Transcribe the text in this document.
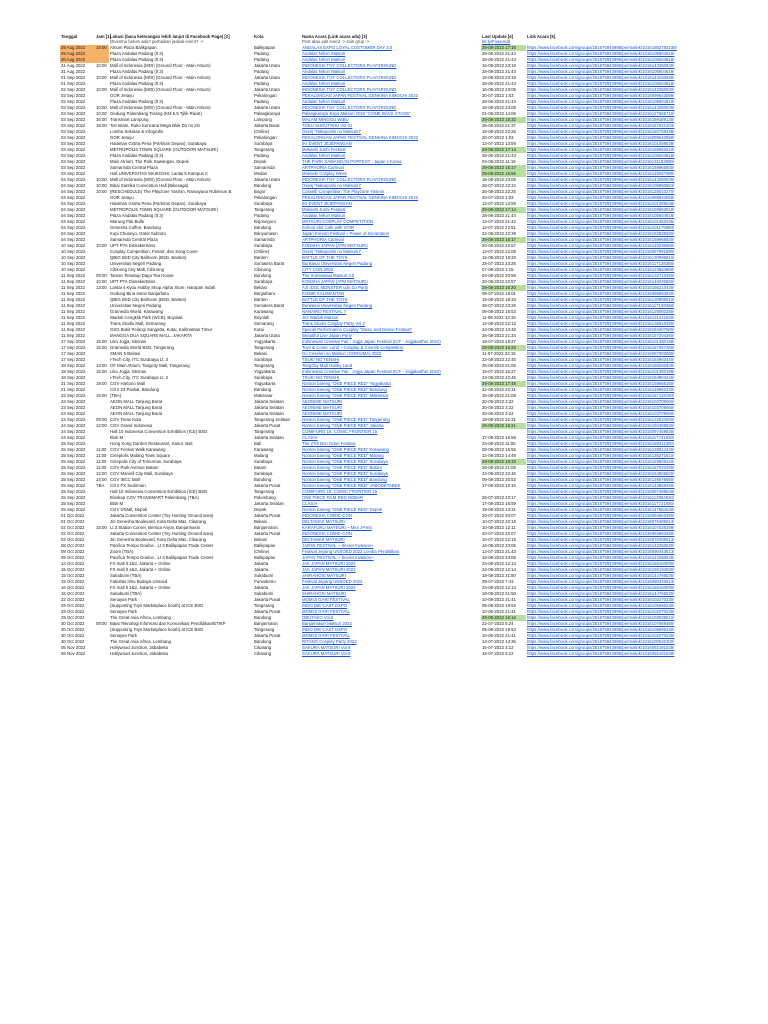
Tanggal	Jam [1]	Lokasi (baca keterangan lebih lanjut di Facebook Page) [2]	Kota	Nama Acara (Link acara ada) [3]	Last Update [4]	Link Acara [5]
		(Eventnu belum ada? perbaikan jadwal event? ->		Post atau edit event -> Join grup ->	bit.ly/FixeeAdd	
29 Aug 2022	18:00	Atrium Plaza Balikpapan	Balikpapan	ANDALAS EXPO LOYAL CUSTOMER DAY 3.0	29-08-2022 17:18	https://www.facebook.com/groups/251875943895/permalink/10161582783238/
29 Aug 2022		Plaza Andalas Padang (lt 3)	Padang	Andalas Nihon Matsuri	28-06-2022 21:44	https://www.facebook.com/groups/251875943895/permalink/1016105604818/
30 Aug 2022		Plaza Andalas Padang (lt 3)	Padang	Andalas Nihon Matsuri	28-06-2022 21:44	https://www.facebook.com/groups/251875943895/permalink/1016105604818/
31 Aug 2022	10:00	Mall of Indonesia (MOI) (Ground Floor - Main Atrium)	Jakarta Utara	INDONESIA TOY COLLECTORS PLAYGROUND	16-08-2022 23:19	https://www.facebook.com/groups/251875943895/permalink/1016143250630/
31 Aug 2022		Plaza Andalas Padang (lt 3)	Padang	Andalas Nihon Matsuri	28-06-2022 21:44	https://www.facebook.com/groups/251875943895/permalink/1016105604818/
01 Sep 2022	10:00	Mall of Indonesia (MOI) (Ground Floor - Main Atrium)	Jakarta Utara	INDONESIA TOY COLLECTORS PLAYGROUND	16-08-2022 23:19	https://www.facebook.com/groups/251875943895/permalink/1016143250630/
01 Sep 2022		Plaza Andalas Padang (lt 3)	Padang	Andalas Nihon Matsuri	28-06-2022 21:44	https://www.facebook.com/groups/251875943895/permalink/1016105604818/
02 Sep 2022	10:00	Mall of Indonesia (MOI) (Ground Floor - Main Atrium)	Jakarta Utara	INDONESIA TOY COLLECTORS PLAYGROUND	16-08-2022 23:05	https://www.facebook.com/groups/251875943895/permalink/1016143250630/
02 Sep 2022		GOR Jetayu	Pekalongan	PEKALONGAN JAPAN FESTIVAL GENKINA KIMOCHI 2022	20-07-2022 1:03	https://www.facebook.com/groups/251875943895/permalink/1016099643058/
02 Sep 2022		Plaza Andalas Padang (lt 3)	Padang	Andalas Nihon Matsuri	28-06-2022 21:44	https://www.facebook.com/groups/251875943895/permalink/1016105604818/
03 Sep 2022	10:00	Mall of Indonesia (MOI) (Ground Floor - Main Atrium)	Jakarta Utara	INDONESIA TOY COLLECTORS PLAYGROUND	16-08-2022 23:05	https://www.facebook.com/groups/251875943895/permalink/1016143250630/
03 Sep 2022	10:00	Gedung Palembang Terang (KM 5.5 Tjilik Riwut)	Palangkaraya	Palangkaraya Expo Matsuri 2022 "COME BACK STAGE"	01-08-2022 14:06	https://www.facebook.com/groups/251875943895/permalink/1016127665710/
03 Sep 2022	16:00	Transmart Lampung	Lampung	MALAM MINGGU WIBU	29-08-2022 16:32	https://www.facebook.com/groups/251875943895/permalink/1016159189130/
03 Sep 2022	19:00	Tori Bram, Ruko Kencana Mega Blok D1 no 2G	Jakarta Barat	TOKU SHOUTSHU Vol 01	26-08-2022 21:37	https://www.facebook.com/groups/251875943895/permalink/1016157021203/
03 Sep 2022		Lomba Sekutan & Infografis	(Online)	Oxenj "Nakayoshi no Matsuriri"	18-08-2022 22:26	https://www.facebook.com/groups/251875943895/permalink/1016150769438/
03 Sep 2022		GOR Jetayu	Pekalongan	PEKALONGAN JAPAN FESTIVAL GENKINA KIMOCHI 2022	20-07-2022 1:03	https://www.facebook.com/groups/251875943895/permalink/1016099643058/
03 Sep 2022		Halaman Graha Pena (Parkiran Depan), Surabaya	Surabaya	IKI EVENT JEJEPANGAN	13-07-2022 13:59	https://www.facebook.com/groups/251875943895/permalink/1016101089548/
03 Sep 2022		METROPOLIS TOWN SQUARE (OUTDOOR MATSURI)	Tangerang	Mokashi Junhi Festival	29-08-2022 17:14	https://www.facebook.com/groups/251875943895/permalink/1016159653018/
03 Sep 2022		Plaza Andalas Padang (lt 3)	Padang	Andalas Nihon Matsuri	28-06-2022 21:44	https://www.facebook.com/groups/251875943895/permalink/1016105604818/
03 Sep 2022		Main Atrium, The Park Sawangan, Depok	Depok	THE PARK SAWANGAN POPFEST : Japan x Korea	04-08-2022 11:19	https://www.facebook.com/groups/251875943895/permalink/1016131183680/
03 Sep 2022		Samarinda Central Plaza	Samarinda	ARTPHORIA Carnival	29-08-2022 16:17	https://www.facebook.com/groups/251875943895/permalink/1016158966930/
03 Sep 2022		Hall UNIVERSITAS MAIKOSHI, Lantai 5 Kampus C	Medan	Moeseki Cosplay Week	29-08-2022 16:56	https://www.facebook.com/groups/251875943895/permalink/1016149267980/
04 Sep 2022	10:00	Mall of Indonesia (MOI) (Ground Floor - Main Atrium)	Jakarta Utara	INDONESIA TOY COLLECTORS PLAYGROUND	16-08-2022 23:05	https://www.facebook.com/groups/251875943895/permalink/1016143250630/
04 Sep 2022	10:00	Balai Santika Convention Hall (Bikesaga)	Bandung	Oxenj "Nakayoshi no Matsuriri"	28-07-2022 22:34	https://www.facebook.com/groups/251875943895/permalink/1016108950853/
04 Sep 2022	10:00	(RESCHEDULE) The Playzone Yasmin, Ramayana Robinson B	Bogor	Cosxelb Competition The Playzone Yasmin	26-08-2022 22:25	https://www.facebook.com/groups/251875943895/permalink/1016128010270/
04 Sep 2022		GOR Jetayu	Pekalongan	PEKALONGAN JAPAN FESTIVAL GENKINA KIMOCHI 2022	20-07-2022 1:03	https://www.facebook.com/groups/251875943895/permalink/1016099643058/
04 Sep 2022		Halaman Graha Pena (Parkiran Depan), Surabaya	Surabaya	IKI EVENT JEJEPANGAN	13-07-2022 13:59	https://www.facebook.com/groups/251875943895/permalink/1016101089548/
04 Sep 2022		METROPOLIS TOWN SQUARE (OUTDOOR MATSURI)	Tangerang	Mokashi Junhi Festival	29-08-2022 17:14	https://www.facebook.com/groups/251875943895/permalink/1016159653018/
04 Sep 2022		Plaza Andalas Padang (lt 3)	Padang	Andalas Nihon Matsuri	28-06-2022 21:44	https://www.facebook.com/groups/251875943895/permalink/1016105604818/
04 Sep 2022		Warung Pak Bulle	Bojonegoro	MATSURI COSPLAY COMPETITION	13-07-2022 21:42	https://www.facebook.com/groups/251875943895/permalink/1016101052036/
04 Sep 2022		Genesha Coffee, Bandung	Bandung	School Idol Cafe with VOIR	12-07-2022 22:51	https://www.facebook.com/groups/251875943895/permalink/1016101176880/
04 Sep 2022		Kopi Chuseyo, Gatot Subroto	Banyumasin	Japan Korean Festival ~ Power of Generation	22-08-2022 22:39	https://www.facebook.com/groups/251875943895/permalink/1016152838290/
04 Sep 2022		Samarinda Central Plaza	Samarinda	ARTPHORIA Carnival	29-08-2022 16:17	https://www.facebook.com/groups/251875943895/permalink/1016158966930/
10 Sep 2022	10:00	UPT PTA Disnakertrans	Surabaya	KONSHA JAPAN (ATM MATSURI)	20-08-2022 22:57	https://www.facebook.com/groups/251875943895/permalink/1016149236650/
10 Sep 2022		Cosplay Competition, Fenart, dan Song Cover	(Online)	Oxenj "Nakayoshi no Matsuriri"	13-07-2022 22:05	https://www.facebook.com/groups/251875943895/permalink/1016097991890/
10 Sep 2022		QBIG BSD City Ballroom (BSD, Banten)	Banten	BATTLE OF THE TOYS	15-08-2022 19:33	https://www.facebook.com/groups/251875943895/permalink/1016130995810/
10 Sep 2022		Universitas Negeri Padang	Sumatera Barat	Bunkasai Universitas Negeri Padang	28-07-2022 23:26	https://www.facebook.com/groups/251875943895/permalink/1016117138368/
10 Sep 2022		Cibinong City Mall, Cibinong	Cibinong	CITY CON 2022	07-08-2022 1:15	https://www.facebook.com/groups/251875943895/permalink/1016123564860/
11 Sep 2022	09:00	Taman Tematup Dago Tea House	Bandung	The Xuiranasiai Matsuri 3.0	04-08-2022 20:59	https://www.facebook.com/groups/251875943895/permalink/1016133712450/
11 Sep 2022	10:00	UPT PTA Disnakertrans	Surabaya	KONSHA JAPAN (ATM MATSURI)	20-08-2022 22:57	https://www.facebook.com/groups/251875943895/permalink/1016149236650/
11 Sep 2022	13:00	Lantai 4 Kyou Hobby Shop Alpha Store, Harapan Indah	Bekasi	AJI IDOL MONSTER udo DJ Party	29-08-2022 16:20	https://www.facebook.com/groups/251875943895/permalink/1016156210430/
11 Sep 2022		Gedung Bina Sains Banjarbaru	Banjarbaru	KOMIK KALIMANTAN	08-07-2022 18:01	https://www.facebook.com/groups/251875943895/permalink/1016096893940/
11 Sep 2022		QBIG BSD City Ballroom (BSD, Banten)	Banten	BATTLE OF THE TOYS	15-08-2022 19:33	https://www.facebook.com/groups/251875943895/permalink/1016130995810/
11 Sep 2022		Universitas Negeri Padang	Sumatera Barat	Bunkasai Universitas Negeri Padang	28-07-2022 23:26	https://www.facebook.com/groups/251875943895/permalink/1016117138368/
11 Sep 2022		Gramedia World, Karawang	Karawang	NANAIRO FESTIVAL 7	08-08-2022 15:53	https://www.facebook.com/groups/251875943895/permalink/1016128060280/
11 Sep 2022		Waduk Cengklik Park (WCB), Boyolali	Boyolali	Jez Waduk Matsuri	11-08-2022 13:18	https://www.facebook.com/groups/251875943895/permalink/1016131441830/
11 Sep 2022		Trans Studio Mall, Semarang	Semarang	Trans Studio Cosplay Party Vol 2	14-08-2022 22:13	https://www.facebook.com/groups/251875943895/permalink/1016136916390/
11 Sep 2022		GSG Bukit Pelangi Sangatta, Kutai, Kalimantan Timur	Kutai	Special Performance Cosplay "Music and Dance Festival"	24-08-2022 13:48	https://www.facebook.com/groups/251875943895/permalink/1016154407580/
11 Sep 2022		MANGGA DUA SQUARE MALL, JAKARTA	Jakarta Utara	Beautiful Live Japan Party	26-08-2022 21:34	https://www.facebook.com/groups/251875943895/permalink/1016157204350/
17 Sep 2022	15:00	Liko Jogja, Sleman	Yogyakarta	Indonesian Creative Fair : Jogja Japan Festival (ICF - Jogjakarther 2022)	19-07-2022 16:27	https://www.facebook.com/groups/251875943895/permalink/1016101380198/
17 Sep 2022	15:00	Gramedia World BSD, Tangerang	Tangerang	Toys & Comic Land ~ Cosplay & Cosmik Competition	29-08-2022 16:25	https://www.facebook.com/groups/251875943895/permalink/1016157657260/
17 Sep 2022		SMAN 5 Bekasi	Bekasi	Go Ceseleri no Matsuri (GORIUMA) 2022	11-07-2022 22:15	https://www.facebook.com/groups/251875943895/permalink/1016097083090/
17 Sep 2022		i-Tech City, ITC Surabaya Lt. 2	Surabaya	TSUKI NO TENSHI	23-08-2022 22:45	https://www.facebook.com/groups/251875943895/permalink/1016154903440/
18 Sep 2022	13:00	GF Main Atrium, Tangcity Mall, Tangerang	Tangerang	TangCity Mall Hobby Land	26-08-2022 21:06	https://www.facebook.com/groups/251875943895/permalink/1016158292930/
18 Sep 2022	15:00	Liko Jogja, Sleman	Yogyakarta	Indonesian Creative Fair : Jogja Japan Festival (ICF - Jogjakarther 2022)	19-07-2022 16:27	https://www.facebook.com/groups/251875943895/permalink/1016101380198/
18 Sep 2022		i-Tech City, ITC Surabaya Lt. 2	Surabaya	TSUKI NO TENSHI	23-08-2022 22:45	https://www.facebook.com/groups/251875943895/permalink/1016154903440/
21 Sep 2022	19:00	CGV Hartono Mall	Yogyakarta	Nonton bareng "ONE PIECE RED" Yogyakarta	29-08-2022 17:48	https://www.facebook.com/groups/251875943895/permalink/1016159666160/
21 Sep 2022		CGV 23 Paskal, Bandung	Bandung	Nonton bareng "ONE PIECE RED" Bandung	22-08-2022 22:31	https://www.facebook.com/groups/251875943895/permalink/1016148652230/
22 Sep 2022	19:00	(TBA)	Makassar	Nonton bareng "ONE PIECE RED" Makassar	26-08-2022 21:08	https://www.facebook.com/groups/251875943895/permalink/1016157118160/
23 Sep 2022		AEON MALL Tanjung Barat	Jakarta Selatan	AEONMIE MATSURI	20-06-2022 3:22	https://www.facebook.com/groups/251875943895/permalink/1016103709060/
23 Sep 2022		AEON MALL Tanjung Barat	Jakarta Selatan	AEONMIE MATSURI	20-06-2022 3:22	https://www.facebook.com/groups/251875943895/permalink/1016103709060/
24 Sep 2022		AEON MALL Tanjung Barat	Jakarta Selatan	AEONMIE MATSURI	20-06-2022 3:24	https://www.facebook.com/groups/251875943895/permalink/1016103709060/
24 Sep 2022	09:00	CGV Teras Kota	Tangerang Selatan	Nonton bareng "ONE PIECE RED" Tangerang	18-08-2022 22:31	https://www.facebook.com/groups/251875943895/permalink/1016132534260/
24 Sep 2022	12:00	CGV Grand Indonesia	Jakarta Pusat	Nonton bareng "ONE PIECE RED" Jakarta	29-08-2022 16:21	https://www.facebook.com/groups/251875943895/permalink/1016150488630/
24 Sep 2022		Hall 10 Indonesia Convention Exhibition (ICE) BSD	Tangerang	COMIFURO 15: COMIC FRONTIER 15		https://www.facebook.com/groups/251875943895/permalink/1016097469540/
24 Sep 2022		Blok M	Jakarta Selatan	CLAS:H	17-08-2022 16:59	https://www.facebook.com/groups/251875943895/permalink/1016117731930/
25 Sep 2022		Hong Kong Garden Restaurant, Sanur, Bali	Bali	The 27th Bon Odori Festival	24-08-2022 11:06	https://www.facebook.com/groups/251875943895/permalink/1016159211380/
25 Sep 2022	11:00	CGV Festive Walk Karawang	Karawang	Nonton bareng "ONE PIECE RED" Karawang	08-08-2022 15:55	https://www.facebook.com/groups/251875943895/permalink/1016128014430/
25 Sep 2022	11:00	Cineplolis Malang Town Square	Malang	Nonton bareng "ONE PIECE RED" Malang	14-08-2022 14:49	https://www.facebook.com/groups/251875943895/permalink/1016138271610/
25 Sep 2022	11:00	Cinepolis City of Tomorrow, Surabaya	Surabaya	Nonton bareng "ONE PIECE RED" Surabaya	29-08-2022 16:33	https://www.facebook.com/groups/251875943895/permalink/1016159608420/
25 Sep 2022	11:00	CGV Park Avenue Batam	Batam	Nonton bareng "ONE PIECE RED" Batam	26-08-2022 21:05	https://www.facebook.com/groups/251875943895/permalink/1016157032480/
25 Sep 2022	12:00	CGV Marvell City Mall, Surabaya	Surabaya	Nonton bareng "ONE PIECE RED" Surabaya	23-08-2022 22:46	https://www.facebook.com/groups/251875943895/permalink/1016154906820/
25 Sep 2022	14:00	CGV IBCC Mall	Bandung	Nonton bareng "ONE PIECE RED" Bandung	09-08-2022 20:52	https://www.facebook.com/groups/251875943895/permalink/1016128576560/
25 Sep 2022	TBA	CGV FX Sudirman	Jakarta Pusat	Nonton bareng "ONE PIECE RED" JABODETABEK	17-08-2022 12:10	https://www.facebook.com/groups/251875943895/permalink/1016143958480/
25 Sep 2022		Hall 10 Indonesia Convention Exhibition (ICE) BSD	Tangerang	COMIFURO 15: COMIC FRONTIER 15		https://www.facebook.com/groups/251875943895/permalink/1016097469540/
25 Sep 2022		Bioskop CGV TRANSMART Palembang (TBA)	Palembang	ONE PIECE FILM RED NOBAR	25-07-2022 23:17	https://www.facebook.com/groups/251875943895/permalink/1016112954830/
25 Sep 2022		Blok M	Jakarta Selatan	CLAS:H	17-08-2022 16:59	https://www.facebook.com/groups/251875943895/permalink/1016117731930/
25 Sep 2022		CGV D'Mall, Depok	Depok	Nonton bareng "ONE PIECE RED" Depok	19-08-2022 13:31	https://www.facebook.com/groups/251875943895/permalink/1016147684630/
01 Oct 2022		Jakarta Convention Center (Toy Hunting Ground area)	Jakarta Pusat	INDONESIA COMIC-CON	20-07-2022 20:07	https://www.facebook.com/groups/251875943895/permalink/1016094663480/
01 Oct 2022		Jin Genesha Boulevard, Kota Delta Mas, Cikarang	Bekasi	DELTAMAS MATSURI	10-07-2022 22:19	https://www.facebook.com/groups/251875943895/permalink/1016076489013/
02 Oct 2022	15:00	Lt 3 Station Corner, Bersua Anyar, Banjarmasin	Banjarmasin	KARAFURU MATSURI ~ Mini J-Fest	10-08-2022 12:11	https://www.facebook.com/groups/251875943895/permalink/1016107535298/
02 Oct 2022		Jakarta Convention Center (Toy Hunting Ground area)	Jakarta Pusat	INDONESIA COMIC-CON	20-07-2022 20:07	https://www.facebook.com/groups/251875943895/permalink/1016094663480/
02 Oct 2022		Jin Genesha Boulevard, Kota Delta Mas, Cikarang	Bekasi	DELTAMAS MATSURI	10-07-2022 22:19	https://www.facebook.com/groups/251875943895/permalink/1016076489013/
08 Oct 2022		Pacifica Tempo Doeloe , Lt 3 Balikpapan Trade Center	Balikpapan	JAPAN FESTIVAL ~ Secret Invasion~	16-08-2022 23:06	https://www.facebook.com/groups/251875943895/permalink/1016143250630/
09 Oct 2022		Zoom (TBA)	(Online)	Festival Jepang UNSOED 2022 Lomba Pendidikan	13-07-2022 21:43	https://www.facebook.com/groups/251875943895/permalink/1016090443513/
09 Oct 2022		Pacifica Tempo Doeloe , Lt 3 Balikpapan Trade Center	Balikpapan	JAPAN FESTIVAL ~ Secret Invasion~	16-08-2022 23:06	https://www.facebook.com/groups/251875943895/permalink/1016143250630/
14 Oct 2022		FX mall lt 1&3, Jakarta + Online	Jakarta	JAK JAPAN MATSURI 2022	24-08-2022 12:14	https://www.facebook.com/groups/251875943895/permalink/1016155194030/
15 Oct 2022		FX mall lt 1&3, Jakarta + Online	Jakarta	JAK JAPAN MATSURI 2022	24-08-2022 12:14	https://www.facebook.com/groups/251875943895/permalink/1016155194030/
15 Oct 2022		Sukabumi (TBA)	Sukabumi	SHIRAHOSI MATSURI	18-08-2022 21:50	https://www.facebook.com/groups/251875943895/permalink/1016144766530/
15 Oct 2022		Fakultas Ilmu Budaya Unsoed	Purwokerto	Festival Jepang UNSOED 2022	09-07-2022 7:43	https://www.facebook.com/groups/251875943895/permalink/1016090443513/
16 Oct 2022		FX mall lt 1&3, Jakarta + Online	Jakarta	JAK JAPAN MATSURI 2022	24-08-2022 12:14	https://www.facebook.com/groups/251875943895/permalink/1016155194030/
16 Oct 2022		Sukabumi (TBA)	Sukabumi	SHIRAHOSI MATSURI	18-08-2022 21:50	https://www.facebook.com/groups/251875943895/permalink/1016144766530/
22 Oct 2022		Senayan Park	Jakarta Pusat	MOMIJI GARI FESTIVAL	10-06-2022 21:41	https://www.facebook.com/groups/251875943895/permalink/1016102270230/
29 Oct 2022		(Supporting Toys Marketplace booth) at ICE BSD	Tangerang	INDO DIE-CAST EXPO	05-08-2022 19:53	https://www.facebook.com/groups/251875943895/permalink/1016105695230/
29 Oct 2022		Senayan Park	Jakarta Pusat	MOMIJI GARI FESTIVAL	10-06-2022 21:41	https://www.facebook.com/groups/251875943895/permalink/1016102270230/
29 Oct 2022		The Great Asia Africa, Lembang	Bandung	OBUTAKO Vol.5	29-08-2022 16:16	https://www.facebook.com/groups/251875943895/permalink/1016159039510/
30 Oct 2022	08:00	Balai Teknologi Informasi dan Komunikasi Pendidikan/BTIKP	Banjarmasin	Banjarmasin Matsuri 2022	22-07-2022 5:24	https://www.facebook.com/groups/251875943895/permalink/1016107988480/
30 Oct 2022		(Supporting Toys Marketplace booth) at ICE BSD	Tangerang	INDO DIE-CAST EXPO	05-08-2022 19:53	https://www.facebook.com/groups/251875943895/permalink/1016105695230/
30 Oct 2022		Senayan Park	Jakarta Pusat	MOMIJI GARI FESTIVAL	10-06-2022 21:41	https://www.facebook.com/groups/251875943895/permalink/1016102270230/
30 Oct 2022		The Great Asia Africa, Lembang	Bandung	RITANO Cosplay Party 2022	13-07-2022 14:36	https://www.facebook.com/groups/251875943895/permalink/1016100532300/
05 Nov 2022		Hollywood Junction, Jababeka	Cikarang	SAKURA MATSURI Vol.9	16-07-2022 3:12	https://www.facebook.com/groups/251875943895/permalink/1016092181538/
06 Nov 2022		Hollywood Junction, Jababeka	Cikarang	SAKURA MATSURI Vol.9	16-07-2022 3:12	https://www.facebook.com/groups/251875943895/permalink/1016092181538/
